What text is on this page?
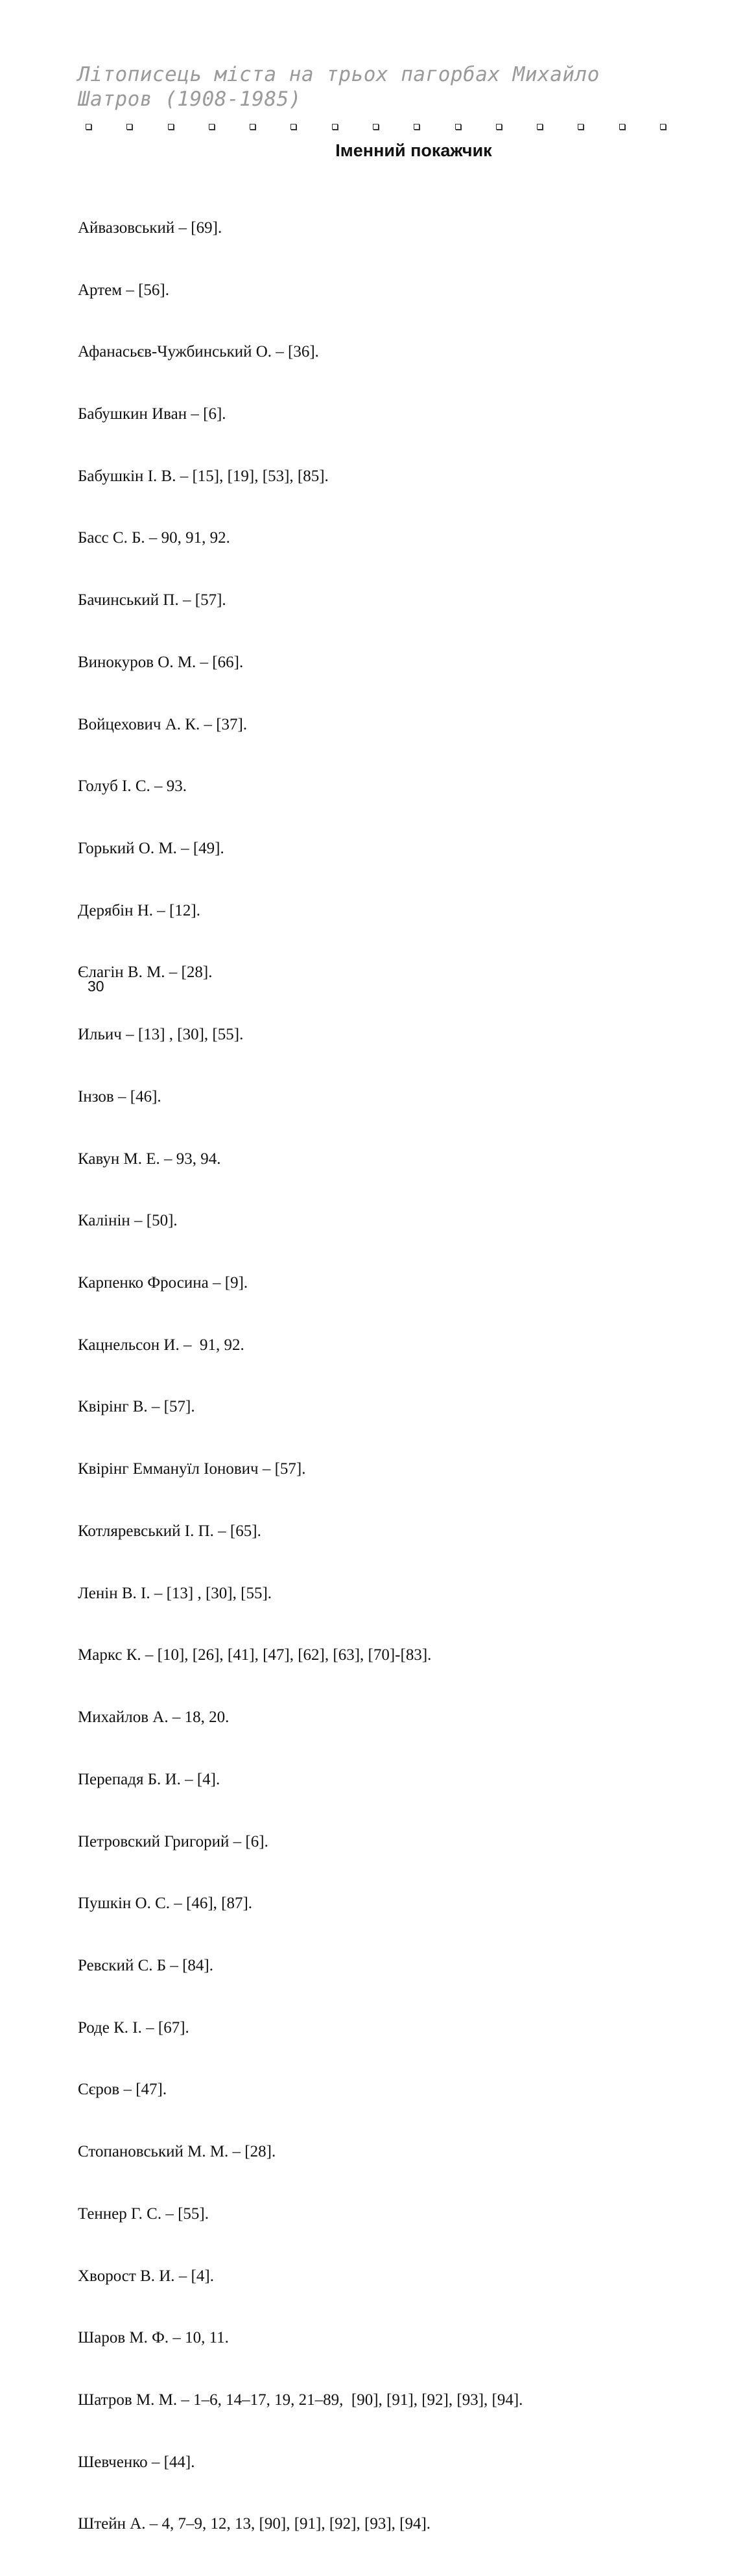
Літописець міста на трьох пагорбах Михайло
Шатров (1908-1985)
Іменний покажчик

Айвазовський – [69].

Артем – [56].

Афанасьєв-Чужбинський О. – [36].

Бабушкин Иван – [6].

Бабушкін І. В. – [15], [19], [53], [85].

Басс С. Б. – 90, 91, 92.

Бачинський П. – [57].

Винокуров О. М. – [66].

Войцехович А. К. – [37].

Голуб І. С. – 93.

Горький О. М. – [49].

Дерябін Н. – [12].

Єлагін В. М. – [28].

Ильич – [13] , [30], [55].

Інзов – [46].

Кавун М. Е. – 93, 94.

Калінін – [50].

Карпенко Фросина – [9].

Кацнельсон И. –  91, 92.

Квірінг В. – [57].

Квірінг Еммануїл Іонович – [57].

Котляревський І. П. – [65].

Ленін В. І. – [13] , [30], [55].

Маркс К. – [10], [26], [41], [47], [62], [63], [70]-[83].

Михайлов А. – 18, 20.

Перепадя Б. И. – [4].

Петровский Григорий – [6].

Пушкін О. С. – [46], [87].

Ревский С. Б – [84].

Роде К. І. – [67].

Сєров – [47].

Стопановський М. М. – [28].

Теннер Г. С. – [55].

Хворост В. И. – [4].

Шаров М. Ф. – 10, 11.

Шатров М. М. – 1–6, 14–17, 19, 21–89,  [90], [91], [92], [93], [94].

Шевченко – [44].

Штейн А. – 4, 7–9, 12, 13, [90], [91], [92], [93], [94].

30
